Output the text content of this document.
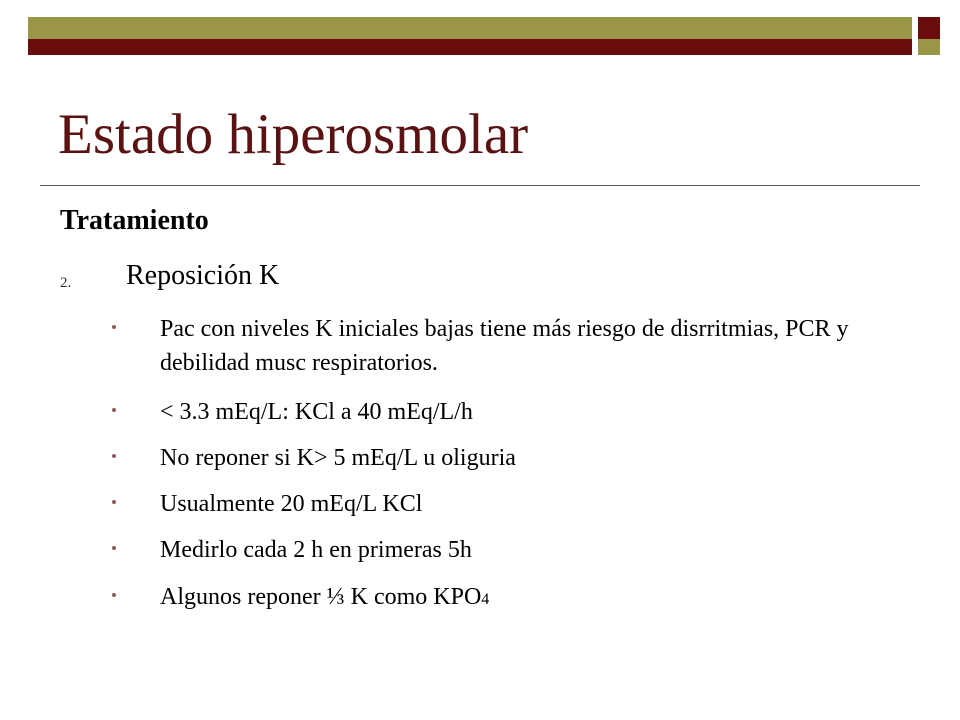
Estado hiperosmolar
Tratamiento
2. Reposición K
Pac con niveles K iniciales bajas tiene más riesgo de disrritmias, PCR y debilidad musc respiratorios.
< 3.3 mEq/L: KCl a 40 mEq/L/h
No reponer si K> 5 mEq/L u oliguria
Usualmente 20 mEq/L KCl
Medirlo cada 2 h en primeras 5h
Algunos reponer ⅓ K como KPO4
